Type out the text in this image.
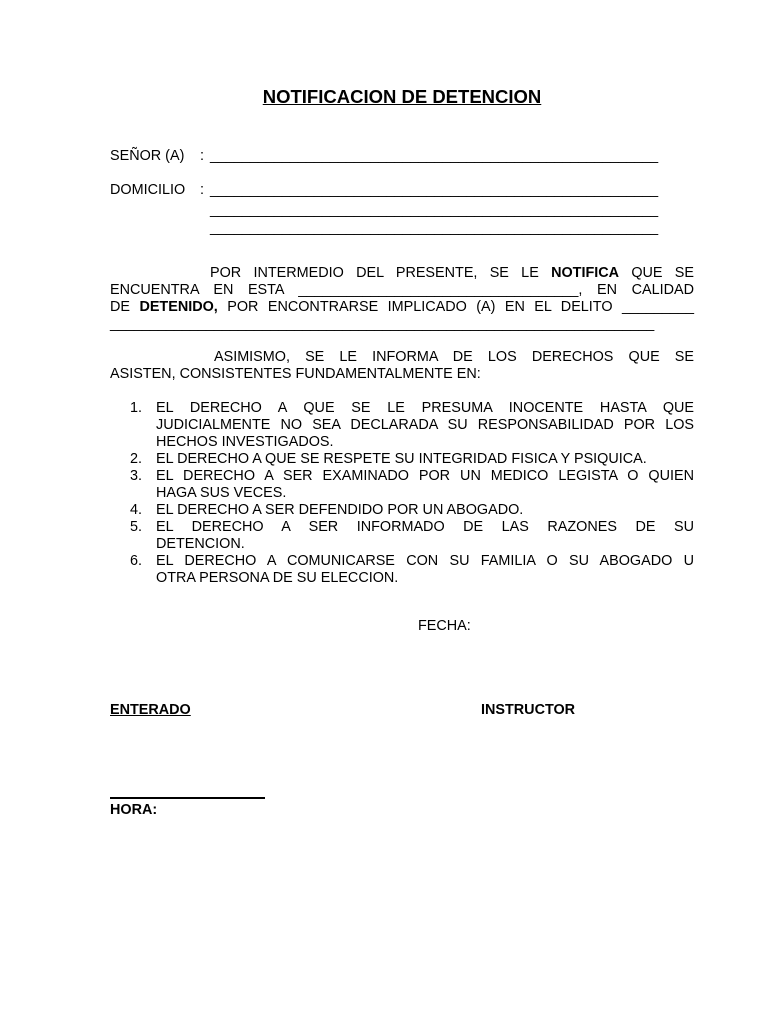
NOTIFICACION DE DETENCION
SEÑOR (A) : ________________________________________________________
DOMICILIO : ________________________________________________________
________________________________________________________
________________________________________________________
POR INTERMEDIO DEL PRESENTE, SE LE NOTIFICA QUE SE
ENCUENTRA EN ESTA ___________________________________, EN CALIDAD
DE DETENIDO, POR ENCONTRARSE IMPLICADO (A) EN EL DELITO _________
____________________________________________________________________
ASIMISMO, SE LE INFORMA DE LOS DERECHOS QUE SE
ASISTEN, CONSISTENTES FUNDAMENTALMENTE EN:
1. EL DERECHO A QUE SE LE PRESUMA INOCENTE HASTA QUE
JUDICIALMENTE NO SEA DECLARADA SU RESPONSABILIDAD POR LOS
HECHOS INVESTIGADOS.
2. EL DERECHO A QUE SE RESPETE SU INTEGRIDAD FISICA Y PSIQUICA.
3. EL DERECHO A SER EXAMINADO POR UN MEDICO LEGISTA O QUIEN
HAGA SUS VECES.
4. EL DERECHO A SER DEFENDIDO POR UN ABOGADO.
5. EL DERECHO A SER INFORMADO DE LAS RAZONES DE SU
DETENCION.
6. EL DERECHO A COMUNICARSE CON SU FAMILIA O SU ABOGADO U
OTRA PERSONA DE SU ELECCION.
FECHA:
ENTERADO	INSTRUCTOR
HORA:
